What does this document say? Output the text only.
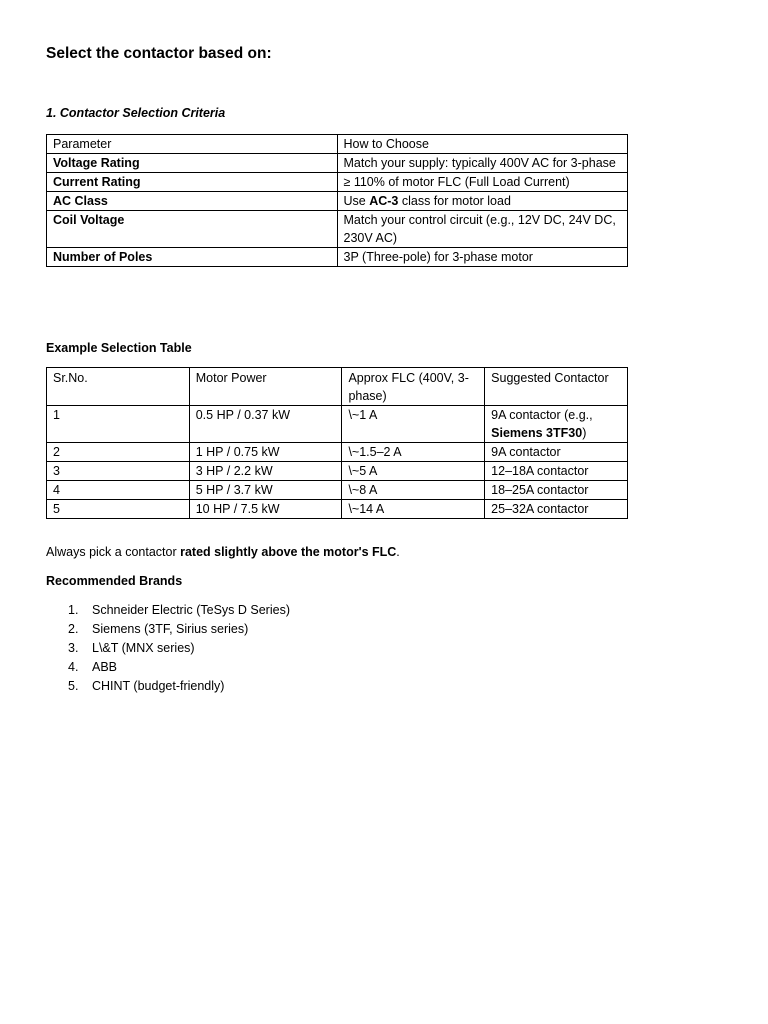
Select the contactor based on:
1. Contactor Selection Criteria
Parameter	How to Choose
Voltage Rating	Match your supply: typically 400V AC for 3-phase
Current Rating	≥ 110% of motor FLC (Full Load Current)
AC Class	Use AC-3 class for motor load
Coil Voltage	Match your control circuit (e.g., 12V DC, 24V DC, 230V AC)
Number of Poles	3P (Three-pole) for 3-phase motor
Example Selection Table
Sr.No.	Motor Power	Approx FLC (400V, 3-phase)	Suggested Contactor
1	0.5 HP / 0.37 kW	\~1 A	9A contactor (e.g., Siemens 3TF30)
2	1 HP / 0.75 kW	\~1.5–2 A	9A contactor
3	3 HP / 2.2 kW	\~5 A	12–18A contactor
4	5 HP / 3.7 kW	\~8 A	18–25A contactor
5	10 HP / 7.5 kW	\~14 A	25–32A contactor
Always pick a contactor rated slightly above the motor's FLC.
Recommended Brands
1. Schneider Electric (TeSys D Series)
2. Siemens (3TF, Sirius series)
3. L\&T (MNX series)
4. ABB
5. CHINT (budget-friendly)
